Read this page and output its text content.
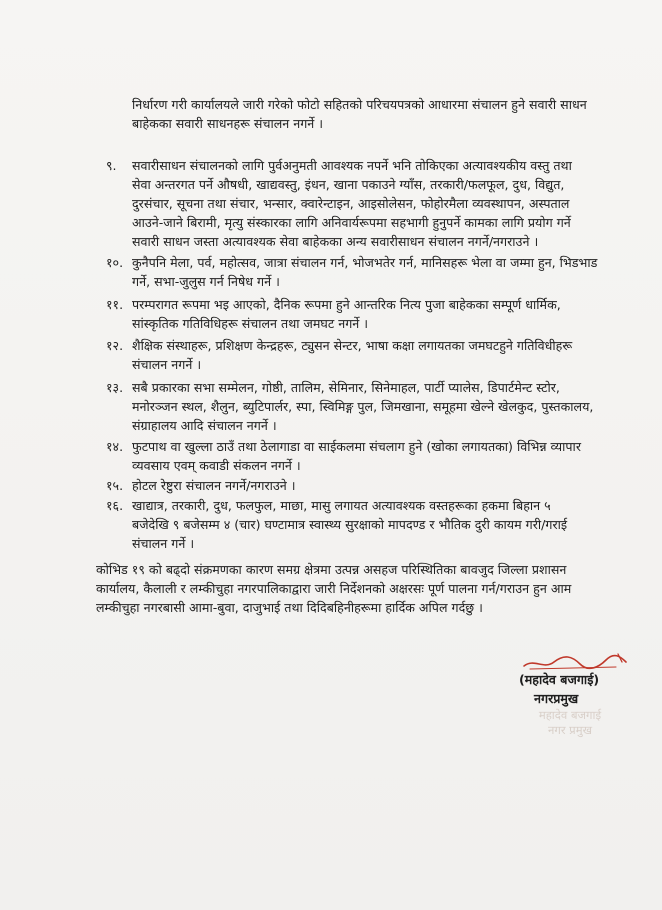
निर्धारण गरी कार्यालयले जारी गरेको फोटो सहितको परिचयपत्रको आधारमा संचालन हुने सवारी साधन

बाहेकका सवारी साधनहरू संचालन नगर्ने ।

९. सवारीसाधन संचालनको लागि पुर्वअनुमती आवश्यक नपर्ने भनि तोकिएका अत्यावश्यकीय वस्तु तथा

सेवा अन्तरगत पर्ने औषधी, खाद्यवस्तु, इंधन, खाना पकाउने ग्याँस, तरकारी/फलफूल, दुध, विद्युत,

दुरसंचार, सूचना तथा संचार, भन्सार, क्वारेन्टाइन, आइसोलेसन, फोहोरमैला व्यवस्थापन, अस्पताल

आउने-जाने बिरामी, मृत्यु संस्कारका लागि अनिवार्यरूपमा सहभागी हुनुपर्ने कामका लागि प्रयोग गर्ने

सवारी साधन जस्ता अत्यावश्यक सेवा बाहेकका अन्य सवारीसाधन संचालन नगर्ने/नगराउने ।

१०. कुनैपनि मेला, पर्व, महोत्सव, जात्रा संचालन गर्न, भोजभतेर गर्न, मानिसहरू भेला वा जम्मा हुन, भिडभाड

गर्ने, सभा-जुलुस गर्न निषेध गर्ने ।

११. परम्परागत रूपमा भइ आएको, दैनिक रूपमा हुने आन्तरिक नित्य पुजा बाहेकका सम्पूर्ण धार्मिक,

सांस्कृतिक गतिविधिहरू संचालन तथा जमघट नगर्ने ।

१२. शैक्षिक संस्थाहरू, प्रशिक्षण केन्द्रहरू, ट्युसन सेन्टर, भाषा कक्षा लगायतका जमघटहुने गतिविधीहरू

संचालन नगर्ने ।

१३. सबै प्रकारका सभा सम्मेलन, गोष्ठी, तालिम, सेमिनार, सिनेमाहल, पार्टी प्यालेस, डिपार्टमेन्ट स्टोर,

मनोरञ्जन स्थल, शैलुन, ब्युटिपार्लर, स्पा, स्विमिङ्ग पुल, जिमखाना, समूहमा खेल्ने खेलकुद, पुस्तकालय,

संग्राहालय आदि संचालन नगर्ने ।

१४. फुटपाथ वा खुल्ला ठाउँ तथा ठेलागाडा वा साईकलमा संचलाग हुने (खोका लगायतका) विभिन्न व्यापार

व्यवसाय एवम् कवाडी संकलन नगर्ने ।

१५. होटल रेष्टुरा संचालन नगर्ने/नगराउने ।

१६. खाद्यात्र, तरकारी, दुध, फलफुल, माछा, मासु लगायत अत्यावश्यक वस्तहरूका हकमा बिहान ५

बजेदेखि ९ बजेसम्म ४ (चार) घण्टामात्र स्वास्थ्य सुरक्षाको मापदण्ड र भौतिक दुरी कायम गरी/गराई

संचालन गर्ने ।

कोभिड १९ को बढ्दो संक्रमणका कारण समग्र क्षेत्रमा उत्पन्न असहज परिस्थितिका बावजुद जिल्ला प्रशासन

कार्यालय, कैलाली र लम्कीचुहा नगरपालिकाद्वारा जारी निर्देशनको अक्षरसः पूर्ण पालना गर्न/गराउन हुन आम

लम्कीचुहा नगरबासी आमा-बुवा, दाजुभाई तथा दिदिबहिनीहरूमा हार्दिक अपिल गर्दछु ।

महादेव बजगाई
नगर प्रमुख
(महादेव बजगाई)
नगरप्रमुख
